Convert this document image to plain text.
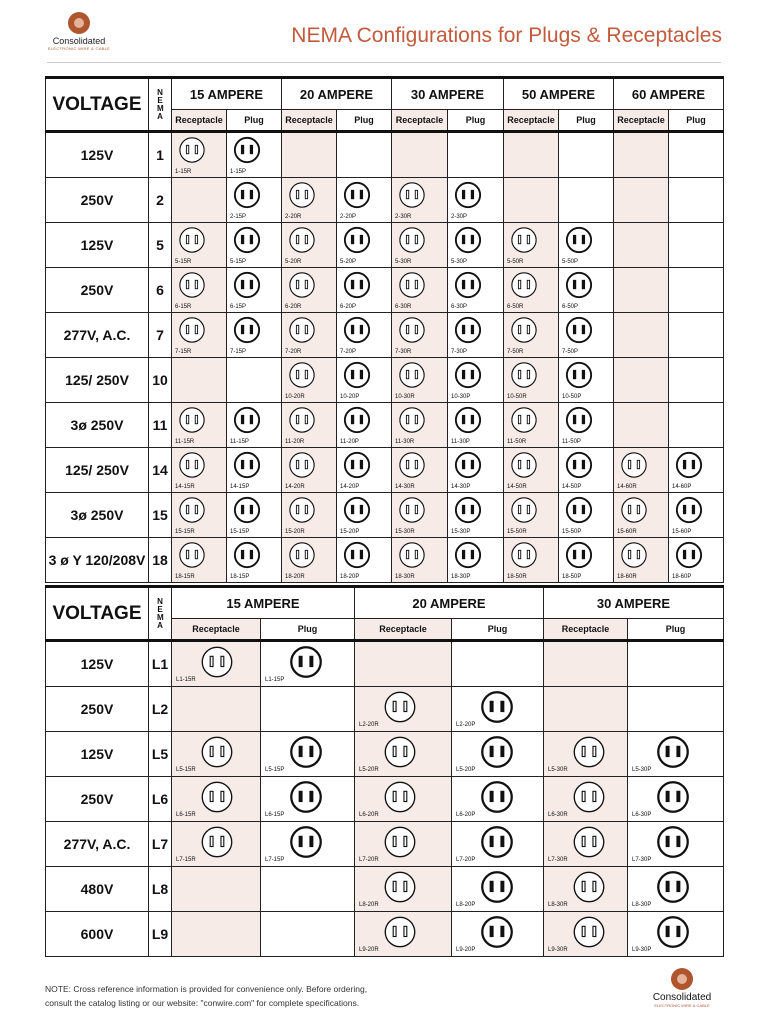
Consolidated
ELECTRONIC WIRE & CABLE
NEMA Configurations for Plugs & Receptacles
VOLTAGE	N E M A	15 AMPERE		20 AMPERE		30 AMPERE		50 AMPERE		60 AMPERE	
		Receptacle	Plug	Receptacle	Plug	Receptacle	Plug	Receptacle	Plug	Receptacle	Plug
125V	1	1-15R	1-15P								

250V	2		2-15P	2-20R	2-20P	2-30R	2-30P				

125V	5	5-15R	5-15P	5-20R	5-20P	5-30R	5-30P	5-50R	5-50P		

250V	6	6-15R	6-15P	6-20R	6-20P	6-30R	6-30P	6-50R	6-50P		

277V, A.C.	7	7-15R	7-15P	7-20R	7-20P	7-30R	7-30P	7-50R	7-50P		

125/ 250V	10			10-20R	10-20P	10-30R	10-30P	10-50R	10-50P		

3ø 250V	11	11-15R	11-15P	11-20R	11-20P	11-30R	11-30P	11-50R	11-50P		

125/ 250V	14	14-15R	14-15P	14-20R	14-20P	14-30R	14-30P	14-50R	14-50P	14-60R	14-60P

3ø 250V	15	15-15R	15-15P	15-20R	15-20P	15-30R	15-30P	15-50R	15-50P	15-60R	15-60P

3 ø Y 120/208V	18	18-15R	18-15P	18-20R	18-20P	18-30R	18-30P	18-50R	18-50P	18-60R	18-60P
VOLTAGE	N E M A	15 AMPERE		20 AMPERE		30 AMPERE	
		Receptacle	Plug	Receptacle	Plug	Receptacle	Plug
125V	L1	L1-15R	L1-15P				

250V	L2			L2-20R	L2-20P		

125V	L5	L5-15R	L5-15P	L5-20R	L5-20P	L5-30R	L5-30P

250V	L6	L6-15R	L6-15P	L6-20R	L6-20P	L6-30R	L6-30P

277V, A.C.	L7	L7-15R	L7-15P	L7-20R	L7-20P	L7-30R	L7-30P

480V	L8			L8-20R	L8-20P	L8-30R	L8-30P

600V	L9			L9-20R	L9-20P	L9-30R	L9-30P
NOTE: Cross reference information is provided for convenience only. Before ordering,
consult the catalog listing or our website: "conwire.com" for complete specifications.	Consolidated
ELECTRONIC WIRE & CABLE
